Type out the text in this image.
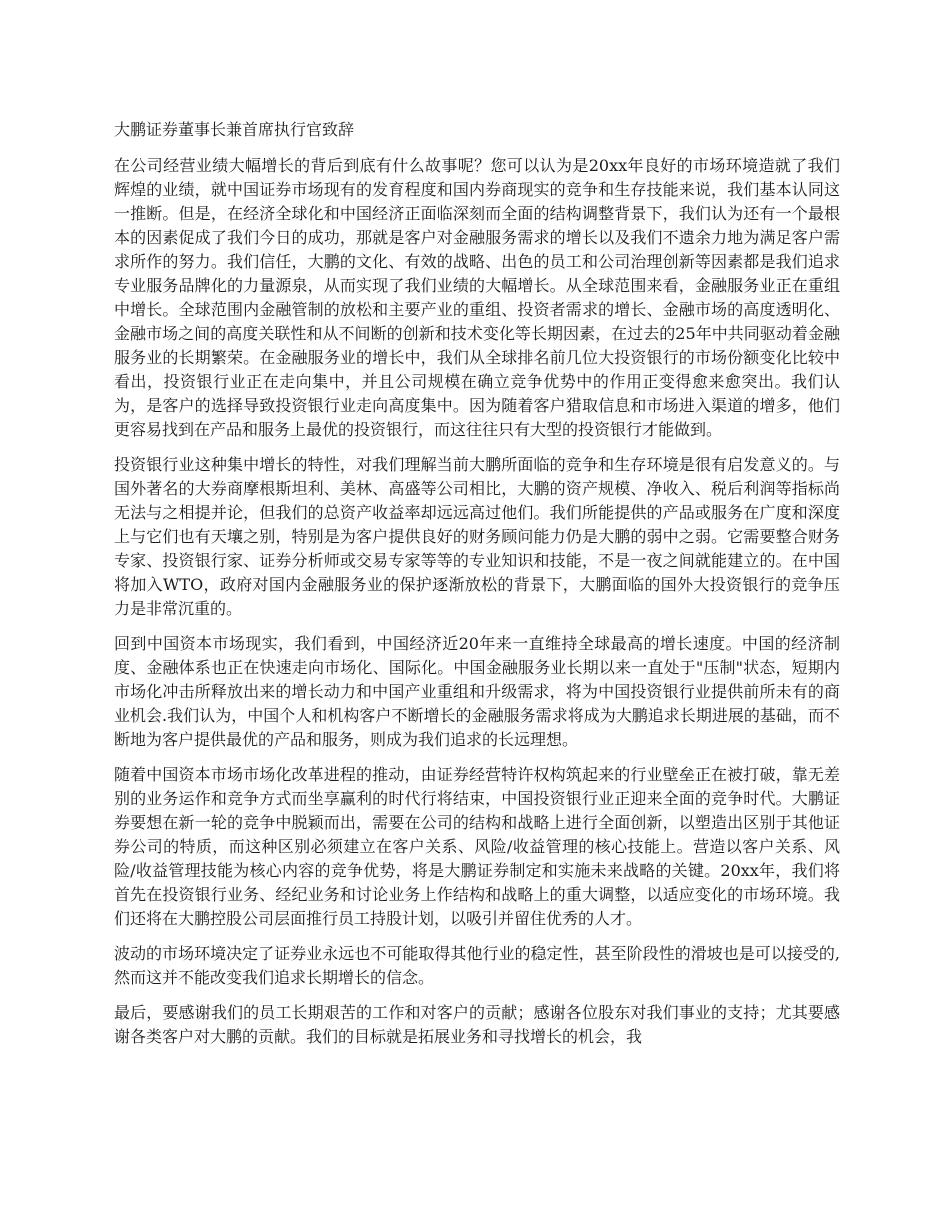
大鹏证券董事长兼首席执行官致辞

在公司经营业绩大幅增长的背后到底有什么故事呢？您可以认为是20xx年良好的市场环境造就了我们辉煌的业绩，就中国证券市场现有的发育程度和国内券商现实的竞争和生存技能来说，我们基本认同这一推断。但是，在经济全球化和中国经济正面临深刻而全面的结构调整背景下，我们认为还有一个最根本的因素促成了我们今日的成功，那就是客户对金融服务需求的增长以及我们不遗余力地为满足客户需求所作的努力。我们信任，大鹏的文化、有效的战略、出色的员工和公司治理创新等因素都是我们追求专业服务品牌化的力量源泉，从而实现了我们业绩的大幅增长。从全球范围来看，金融服务业正在重组中增长。全球范围内金融管制的放松和主要产业的重组、投资者需求的增长、金融市场的高度透明化、金融市场之间的高度关联性和从不间断的创新和技术变化等长期因素，在过去的25年中共同驱动着金融服务业的长期繁荣。在金融服务业的增长中，我们从全球排名前几位大投资银行的市场份额变化比较中看出，投资银行业正在走向集中，并且公司规模在确立竞争优势中的作用正变得愈来愈突出。我们认为，是客户的选择导致投资银行业走向高度集中。因为随着客户猎取信息和市场进入渠道的增多，他们更容易找到在产品和服务上最优的投资银行，而这往往只有大型的投资银行才能做到。

投资银行业这种集中增长的特性，对我们理解当前大鹏所面临的竞争和生存环境是很有启发意义的。与国外著名的大券商摩根斯坦利、美林、高盛等公司相比，大鹏的资产规模、净收入、税后利润等指标尚无法与之相提并论，但我们的总资产收益率却远远高过他们。我们所能提供的产品或服务在广度和深度上与它们也有天壤之别，特别是为客户提供良好的财务顾问能力仍是大鹏的弱中之弱。它需要整合财务专家、投资银行家、证券分析师或交易专家等等的专业知识和技能，不是一夜之间就能建立的。在中国将加入WTO，政府对国内金融服务业的保护逐渐放松的背景下，大鹏面临的国外大投资银行的竞争压力是非常沉重的。

回到中国资本市场现实，我们看到，中国经济近20年来一直维持全球最高的增长速度。中国的经济制度、金融体系也正在快速走向市场化、国际化。中国金融服务业长期以来一直处于"压制"状态，短期内市场化冲击所释放出来的增长动力和中国产业重组和升级需求，将为中国投资银行业提供前所未有的商业机会.我们认为，中国个人和机构客户不断增长的金融服务需求将成为大鹏追求长期进展的基础，而不断地为客户提供最优的产品和服务，则成为我们追求的长远理想。

随着中国资本市场市场化改革进程的推动，由证券经营特许权构筑起来的行业壁垒正在被打破，靠无差别的业务运作和竞争方式而坐享赢利的时代行将结束，中国投资银行业正迎来全面的竞争时代。大鹏证券要想在新一轮的竞争中脱颖而出，需要在公司的结构和战略上进行全面创新，以塑造出区别于其他证券公司的特质，而这种区别必须建立在客户关系、风险/收益管理的核心技能上。营造以客户关系、风险/收益管理技能为核心内容的竞争优势，将是大鹏证券制定和实施未来战略的关键。20xx年，我们将首先在投资银行业务、经纪业务和讨论业务上作结构和战略上的重大调整，以适应变化的市场环境。我们还将在大鹏控股公司层面推行员工持股计划，以吸引并留住优秀的人才。

波动的市场环境决定了证券业永远也不可能取得其他行业的稳定性，甚至阶段性的滑坡也是可以接受的,然而这并不能改变我们追求长期增长的信念。

最后，要感谢我们的员工长期艰苦的工作和对客户的贡献；感谢各位股东对我们事业的支持；尤其要感谢各类客户对大鹏的贡献。我们的目标就是拓展业务和寻找增长的机会，我
